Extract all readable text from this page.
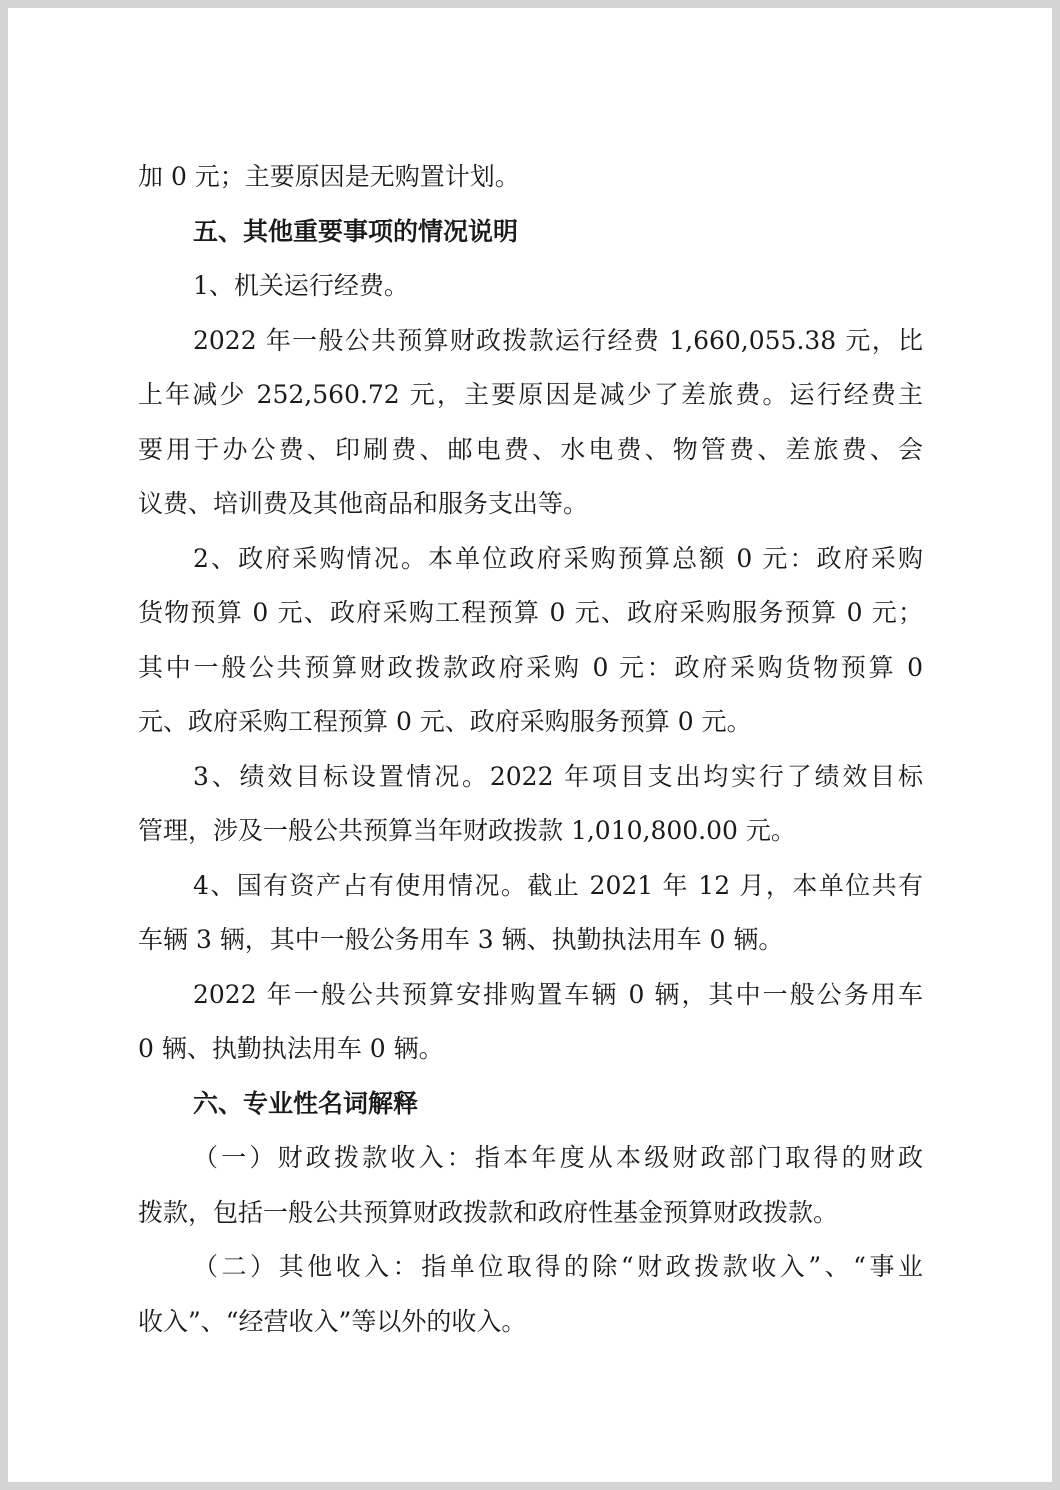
加 0 元；主要原因是无购置计划。
五、其他重要事项的情况说明
1、机关运行经费。
2022 年一般公共预算财政拨款运行经费 1,660,055.38 元，比
上年减少 252,560.72 元，主要原因是减少了差旅费。运行经费主
要用于办公费、印刷费、邮电费、水电费、物管费、差旅费、会
议费、培训费及其他商品和服务支出等。
2、政府采购情况。本单位政府采购预算总额 0 元：政府采购
货物预算 0 元、政府采购工程预算 0 元、政府采购服务预算 0 元；
其中一般公共预算财政拨款政府采购 0 元：政府采购货物预算 0
元、政府采购工程预算 0 元、政府采购服务预算 0 元。
3、绩效目标设置情况。2022 年项目支出均实行了绩效目标
管理，涉及一般公共预算当年财政拨款 1,010,800.00 元。
4、国有资产占有使用情况。截止 2021 年 12 月，本单位共有
车辆 3 辆，其中一般公务用车 3 辆、执勤执法用车 0 辆。
2022 年一般公共预算安排购置车辆 0 辆，其中一般公务用车
0 辆、执勤执法用车 0 辆。
六、专业性名词解释
（一）财政拨款收入：指本年度从本级财政部门取得的财政
拨款，包括一般公共预算财政拨款和政府性基金预算财政拨款。
（二）其他收入：指单位取得的除“财政拨款收入”、“事业
收入”、“经营收入”等以外的收入。
